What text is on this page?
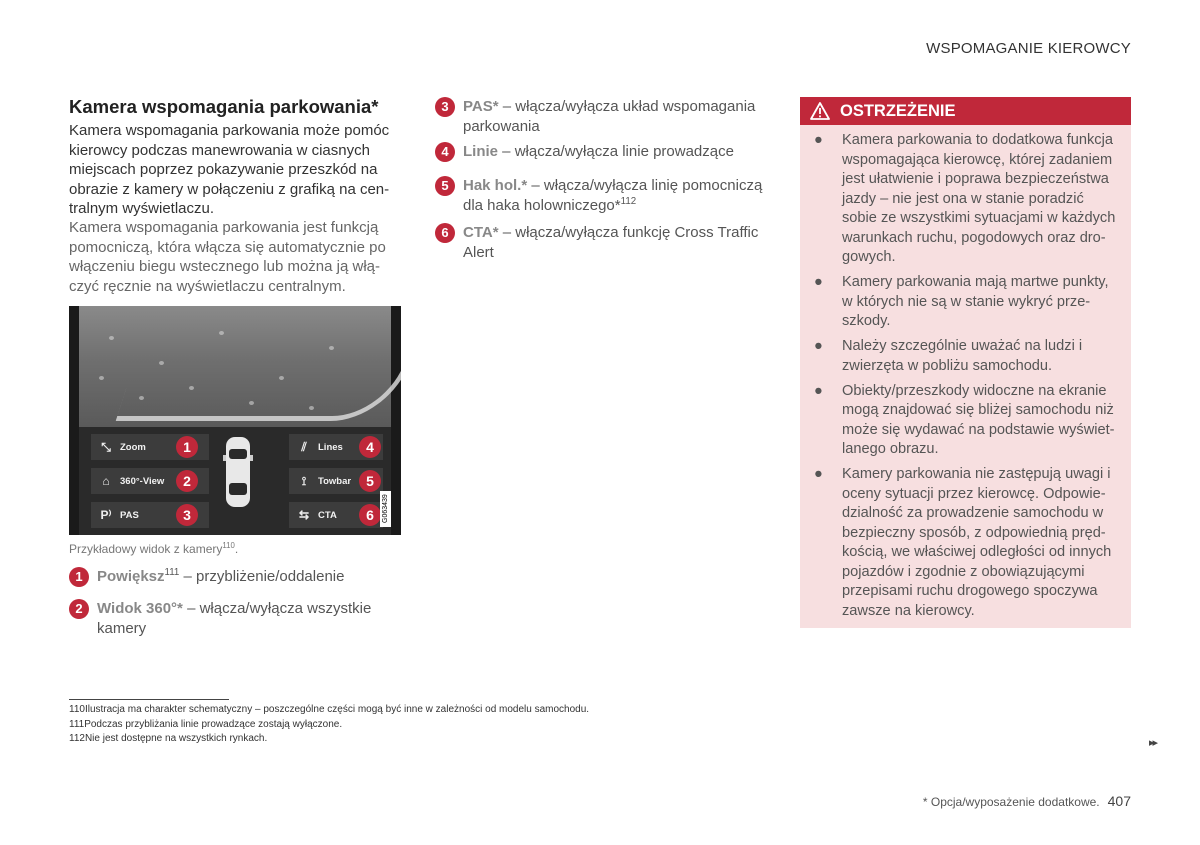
WSPOMAGANIE KIEROWCY
Kamera wspomagania parkowania*
Kamera wspomagania parkowania może pomóc
kierowcy podczas manewrowania w ciasnych
miejscach poprzez pokazywanie przeszkód na
obrazie z kamery w połączeniu z grafiką na cen-
tralnym wyświetlaczu.
Kamera wspomagania parkowania jest funkcją
pomocniczą, która włącza się automatycznie po
włączeniu biegu wstecznego lub można ją włą-
czyć ręcznie na wyświetlaczu centralnym.
⤡ Zoom	1
⌂	360°-View	2
P⁾ PAS	3
⫽	Lines	4
⟟	Towbar	5
⇆ CTA	6	G063439
Przykładowy widok z kamery$^{110}$.
1 Powiększ$^{111}$ – przybliżenie/oddalenie
2 Widok 360°* – włącza/wyłącza wszystkie kamery
3 PAS* – włącza/wyłącza układ wspomagania parkowania
4 Linie – włącza/wyłącza linie prowadzące
5 Hak hol.* – włącza/wyłącza linię pomocniczą dla haka holowniczego*$^{112}$
6 CTA* – włącza/wyłącza funkcję Cross Traffic Alert
OSTRZEŻENIE
●	Kamera parkowania to dodatkowa funkcja
wspomagająca kierowcę, której zadaniem
jest ułatwienie i poprawa bezpieczeństwa
jazdy – nie jest ona w stanie poradzić
sobie ze wszystkimi sytuacjami w każdych
warunkach ruchu, pogodowych oraz dro-
gowych.
●	Kamery parkowania mają martwe punkty,
w których nie są w stanie wykryć prze-
szkody.
●	Należy szczególnie uważać na ludzi i
zwierzęta w pobliżu samochodu.
●	Obiekty/przeszkody widoczne na ekranie
mogą znajdować się bliżej samochodu niż
może się wydawać na podstawie wyświet-
lanego obrazu.
●	Kamery parkowania nie zastępują uwagi i
oceny sytuacji przez kierowcę. Odpowie-
dzialność za prowadzenie samochodu w
bezpieczny sposób, z odpowiednią pręd-
kością, we właściwej odległości od innych
pojazdów i zgodnie z obowiązującymi
przepisami ruchu drogowego spoczywa
zawsze na kierowcy.
110Ilustracja ma charakter schematyczny – poszczególne części mogą być inne w zależności od modelu samochodu.
111Podczas przybliżania linie prowadzące zostają wyłączone.
112Nie jest dostępne na wszystkich rynkach.	▸▸
* Opcja/wyposażenie dodatkowe. 407
